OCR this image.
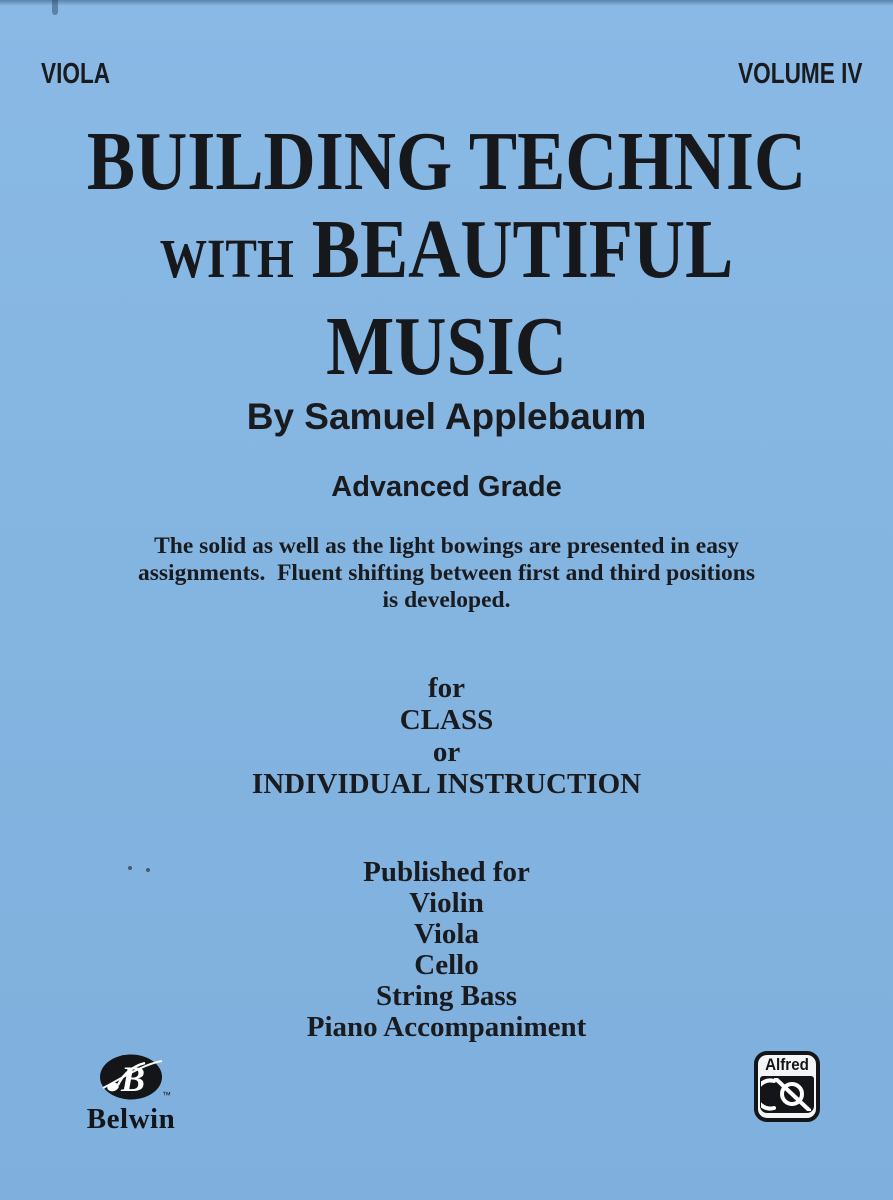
VIOLA	VOLUME IV
BUILDING TECHNIC
WITH BEAUTIFUL
MUSIC
By Samuel Applebaum
Advanced Grade
The solid as well as the light bowings are presented in easy
assignments.  Fluent shifting between first and third positions
is developed.
for
CLASS
or
INDIVIDUAL INSTRUCTION
Published for
Violin
Viola
Cello
String Bass
Piano Accompaniment
B ™
Belwin
Alfred
